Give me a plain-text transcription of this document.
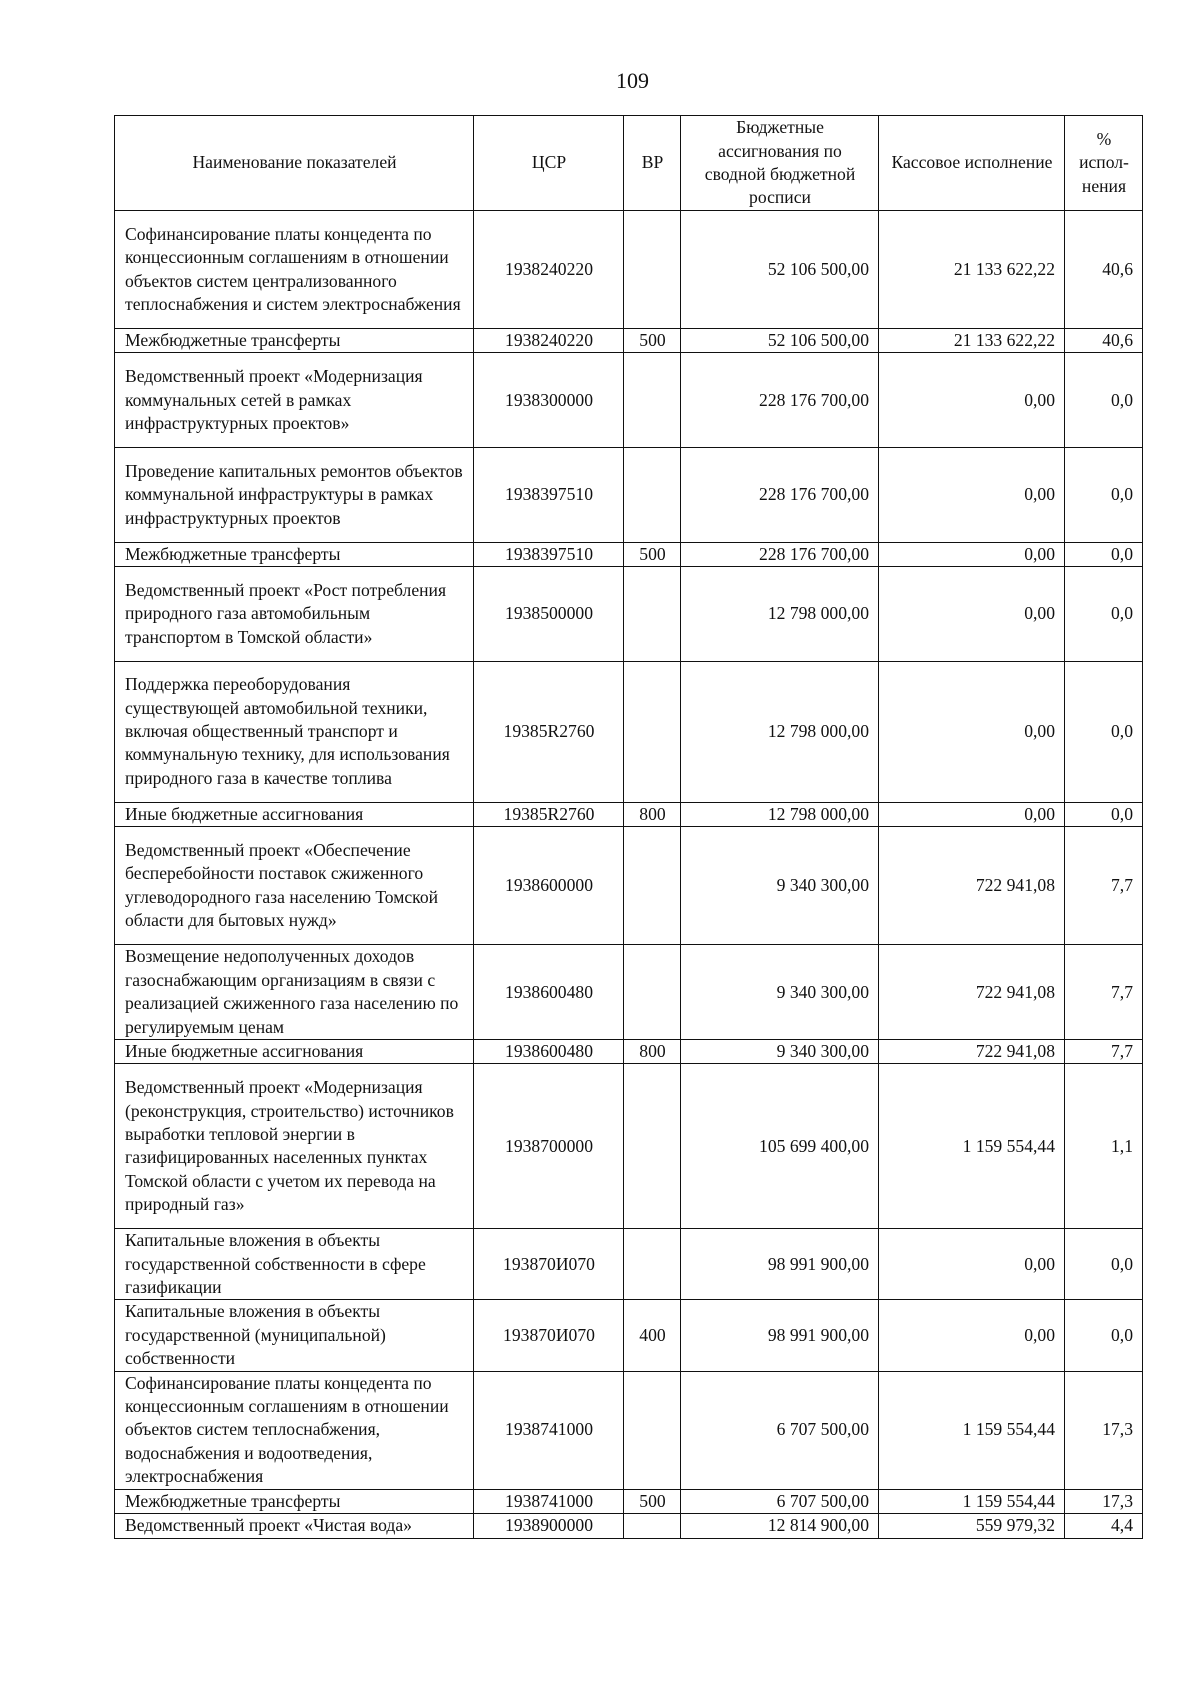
109
Наименование показателей	ЦСР	ВР	Бюджетные ассигнования по сводной бюджетной росписи	Кассовое исполнение	% испол-нения
Софинансирование платы концедента по концессионным соглашениям в отношении объектов систем централизованного теплоснабжения и систем электроснабжения	1938240220		52 106 500,00	21 133 622,22	40,6
Межбюджетные трансферты	1938240220	500	52 106 500,00	21 133 622,22	40,6
Ведомственный проект «Модернизация коммунальных сетей в рамках инфраструктурных проектов»	1938300000		228 176 700,00	0,00	0,0
Проведение капитальных ремонтов объектов коммунальной инфраструктуры в рамках инфраструктурных проектов	1938397510		228 176 700,00	0,00	0,0
Межбюджетные трансферты	1938397510	500	228 176 700,00	0,00	0,0
Ведомственный проект «Рост потребления природного газа автомобильным транспортом в Томской области»	1938500000		12 798 000,00	0,00	0,0
Поддержка переоборудования существующей автомобильной техники, включая общественный транспорт и коммунальную технику, для использования природного газа в качестве топлива	19385R2760		12 798 000,00	0,00	0,0
Иные бюджетные ассигнования	19385R2760	800	12 798 000,00	0,00	0,0
Ведомственный проект «Обеспечение бесперебойности поставок сжиженного углеводородного газа населению Томской области для бытовых нужд»	1938600000		9 340 300,00	722 941,08	7,7
Возмещение недополученных доходов газоснабжающим организациям в связи с реализацией сжиженного газа населению по регулируемым ценам	1938600480		9 340 300,00	722 941,08	7,7
Иные бюджетные ассигнования	1938600480	800	9 340 300,00	722 941,08	7,7
Ведомственный проект «Модернизация (реконструкция, строительство) источников выработки тепловой энергии в газифицированных населенных пунктах Томской области с учетом их перевода на природный газ»	1938700000		105 699 400,00	1 159 554,44	1,1
Капитальные вложения в объекты государственной собственности в сфере газификации	193870И070		98 991 900,00	0,00	0,0
Капитальные вложения в объекты государственной (муниципальной) собственности	193870И070	400	98 991 900,00	0,00	0,0
Софинансирование платы концедента по концессионным соглашениям в отношении объектов систем теплоснабжения, водоснабжения и водоотведения, электроснабжения	1938741000		6 707 500,00	1 159 554,44	17,3
Межбюджетные трансферты	1938741000	500	6 707 500,00	1 159 554,44	17,3
Ведомственный проект «Чистая вода»	1938900000		12 814 900,00	559 979,32	4,4
